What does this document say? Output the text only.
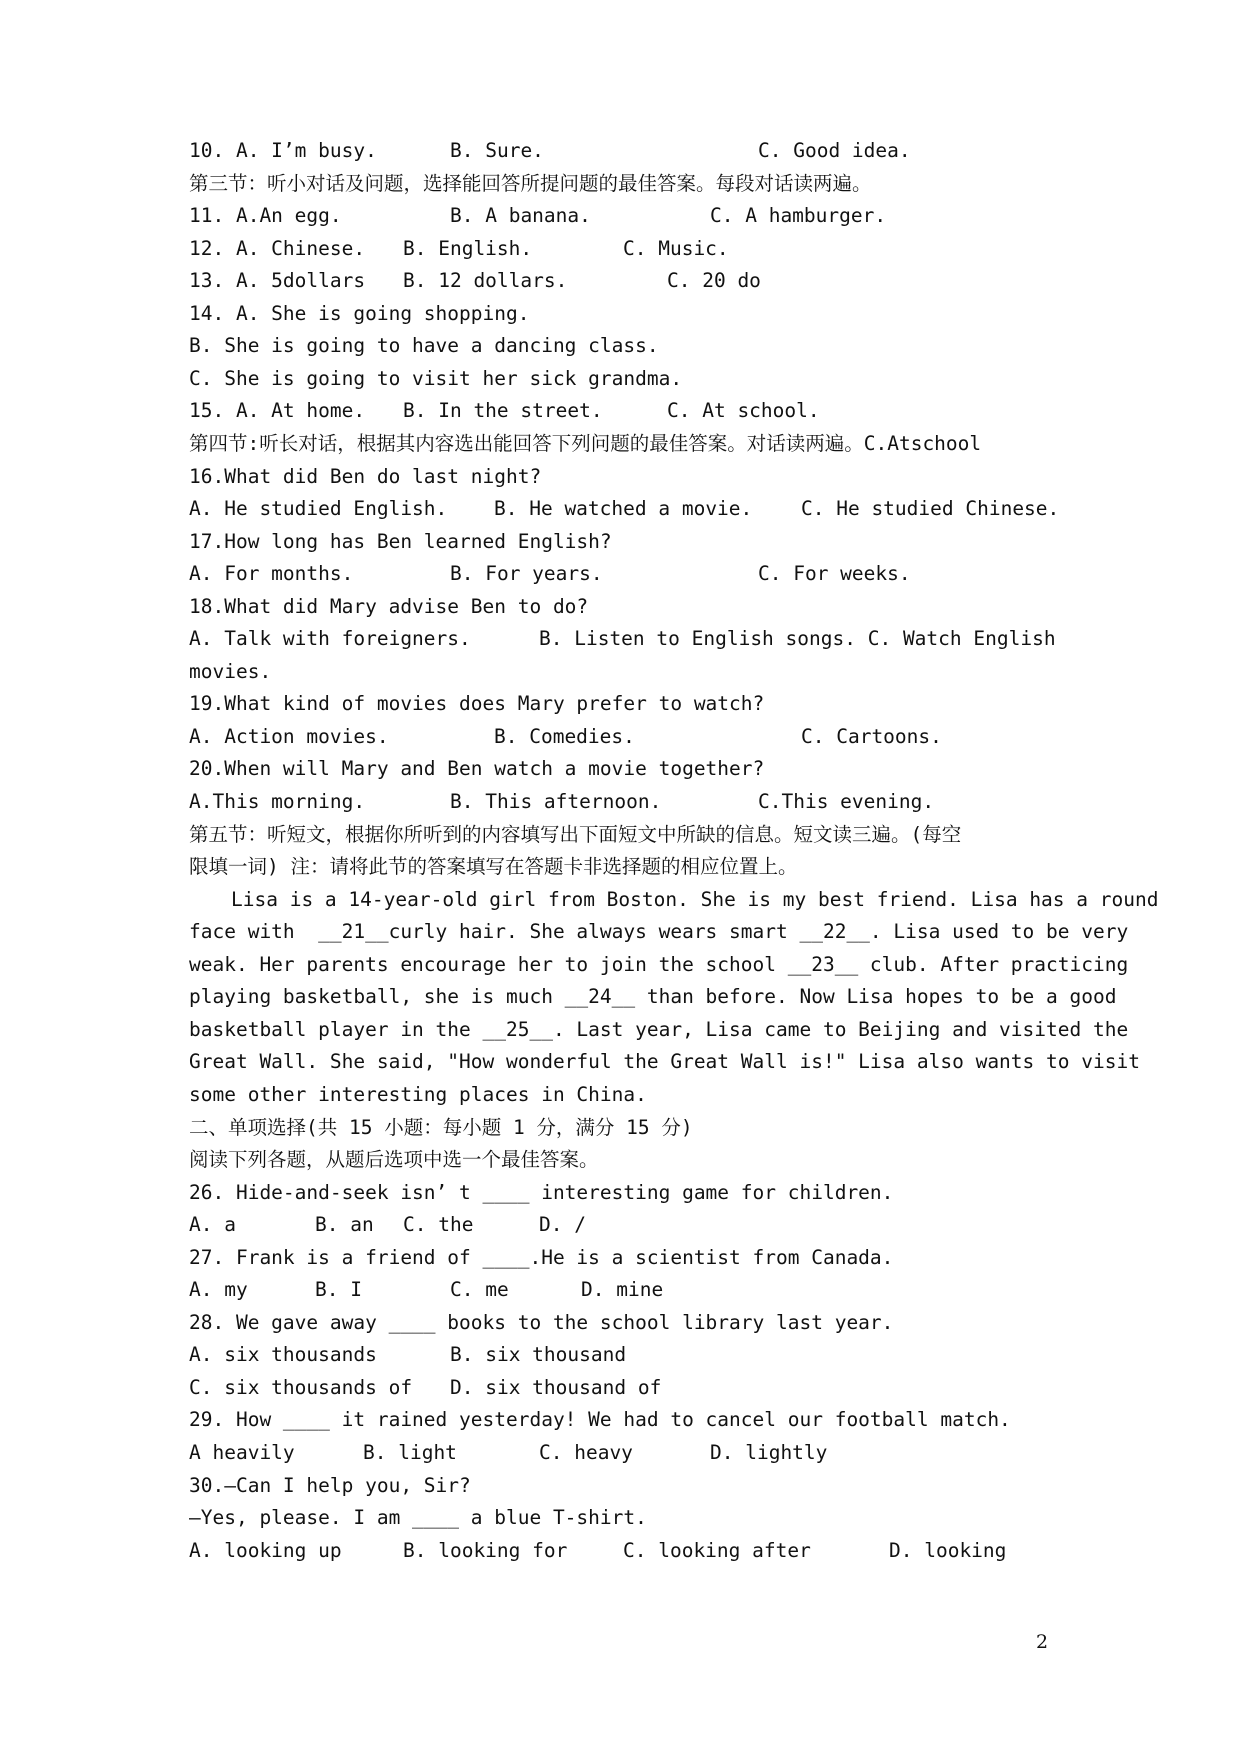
10. A. I’m busy.	B. Sure.	C. Good idea.
第三节：听小对话及问题，选择能回答所提问题的最佳答案。每段对话读两遍。
11. A.An egg.	B. A banana.	C. A hamburger.
12. A. Chinese. B. English.	C. Music.
13. A. 5dollars B. 12 dollars.	C. 20 do
14. A. She is going shopping.
B. She is going to have a dancing class.
C. She is going to visit her sick grandma.
15. A. At home. B. In the street.	C. At school.
第四节:听长对话，根据其内容选出能回答下列问题的最佳答案。对话读两遍。C.Atschool
16.What did Ben do last night?
A. He studied English. B. He watched a movie. C. He studied Chinese.
17.How long has Ben learned English?
A. For months.	B. For years.	C. For weeks.
18.What did Mary advise Ben to do?
A. Talk with foreigners.	B. Listen to English songs. C. Watch English
movies.
19.What kind of movies does Mary prefer to watch?
A. Action movies.	B. Comedies.	C. Cartoons.
20.When will Mary and Ben watch a movie together?
A.This morning.	B. This afternoon.	C.This evening.
第五节：听短文，根据你所听到的内容填写出下面短文中所缺的信息。短文读三遍。(每空
限填一词) 注：请将此节的答案填写在答题卡非选择题的相应位置上。
Lisa is a 14-year-old girl from Boston. She is my best friend. Lisa has a round
face with  __21__curly hair. She always wears smart __22__. Lisa used to be very
weak. Her parents encourage her to join the school __23__ club. After practicing
playing basketball, she is much __24__ than before. Now Lisa hopes to be a good
basketball player in the __25__. Last year, Lisa came to Beijing and visited the
Great Wall. She said, "How wonderful the Great Wall is!" Lisa also wants to visit
some other interesting places in China.
二、单项选择(共 15 小题：每小题 1 分，满分 15 分)
阅读下列各题，从题后选项中选一个最佳答案。
26. Hide-and-seek isn’ t ____ interesting game for children.
A. a	B. an C. the	D. /
27. Frank is a friend of ____.He is a scientist from Canada.
A. my	B. I	C. me	D. mine
28. We gave away ____ books to the school library last year.
A. six thousands	B. six thousand
C. six thousands of D. six thousand of
29. How ____ it rained yesterday! We had to cancel our football match.
A heavily	B. light	C. heavy	D. lightly
30.—Can I help you, Sir?
—Yes, please. I am ____ a blue T-shirt.
A. looking up	B. looking for	C. looking after	D. looking
2
